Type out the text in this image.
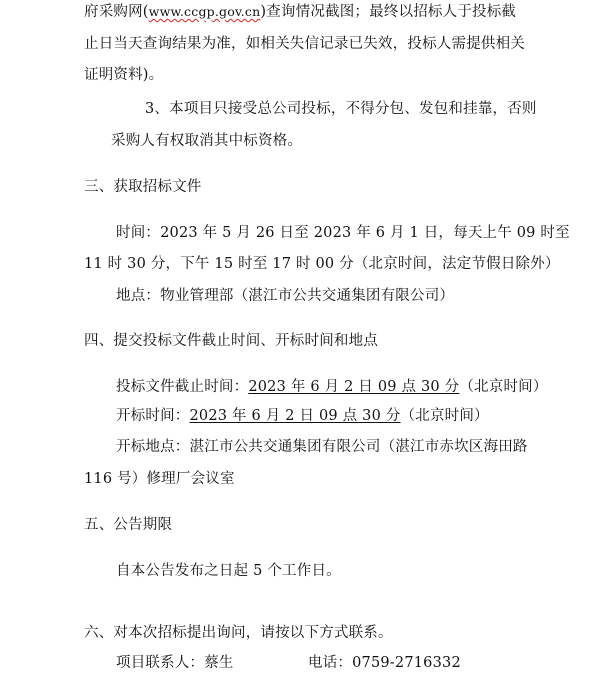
府采购网(www.ccgp.gov.cn)查询情况截图；最终以招标人于投标截
止日当天查询结果为准，如相关失信记录已失效，投标人需提供相关
证明资料)。
3、本项目只接受总公司投标，不得分包、发包和挂靠，否则
采购人有权取消其中标资格。
三、获取招标文件
时间：2023 年 5 月 26 日至 2023 年 6 月 1 日，每天上午 09 时至
11 时 30 分，下午 15 时至 17 时 00 分（北京时间，法定节假日除外）
地点：物业管理部（湛江市公共交通集团有限公司）
四、提交投标文件截止时间、开标时间和地点
投标文件截止时间：2023 年 6 月 2 日 09 点 30 分（北京时间）
开标时间：2023 年 6 月 2 日 09 点 30 分（北京时间）
开标地点：湛江市公共交通集团有限公司（湛江市赤坎区海田路
116 号）修理厂会议室
五、公告期限
自本公告发布之日起 5 个工作日。
六、对本次招标提出询问，请按以下方式联系。
项目联系人：蔡生	电话：0759-2716332
